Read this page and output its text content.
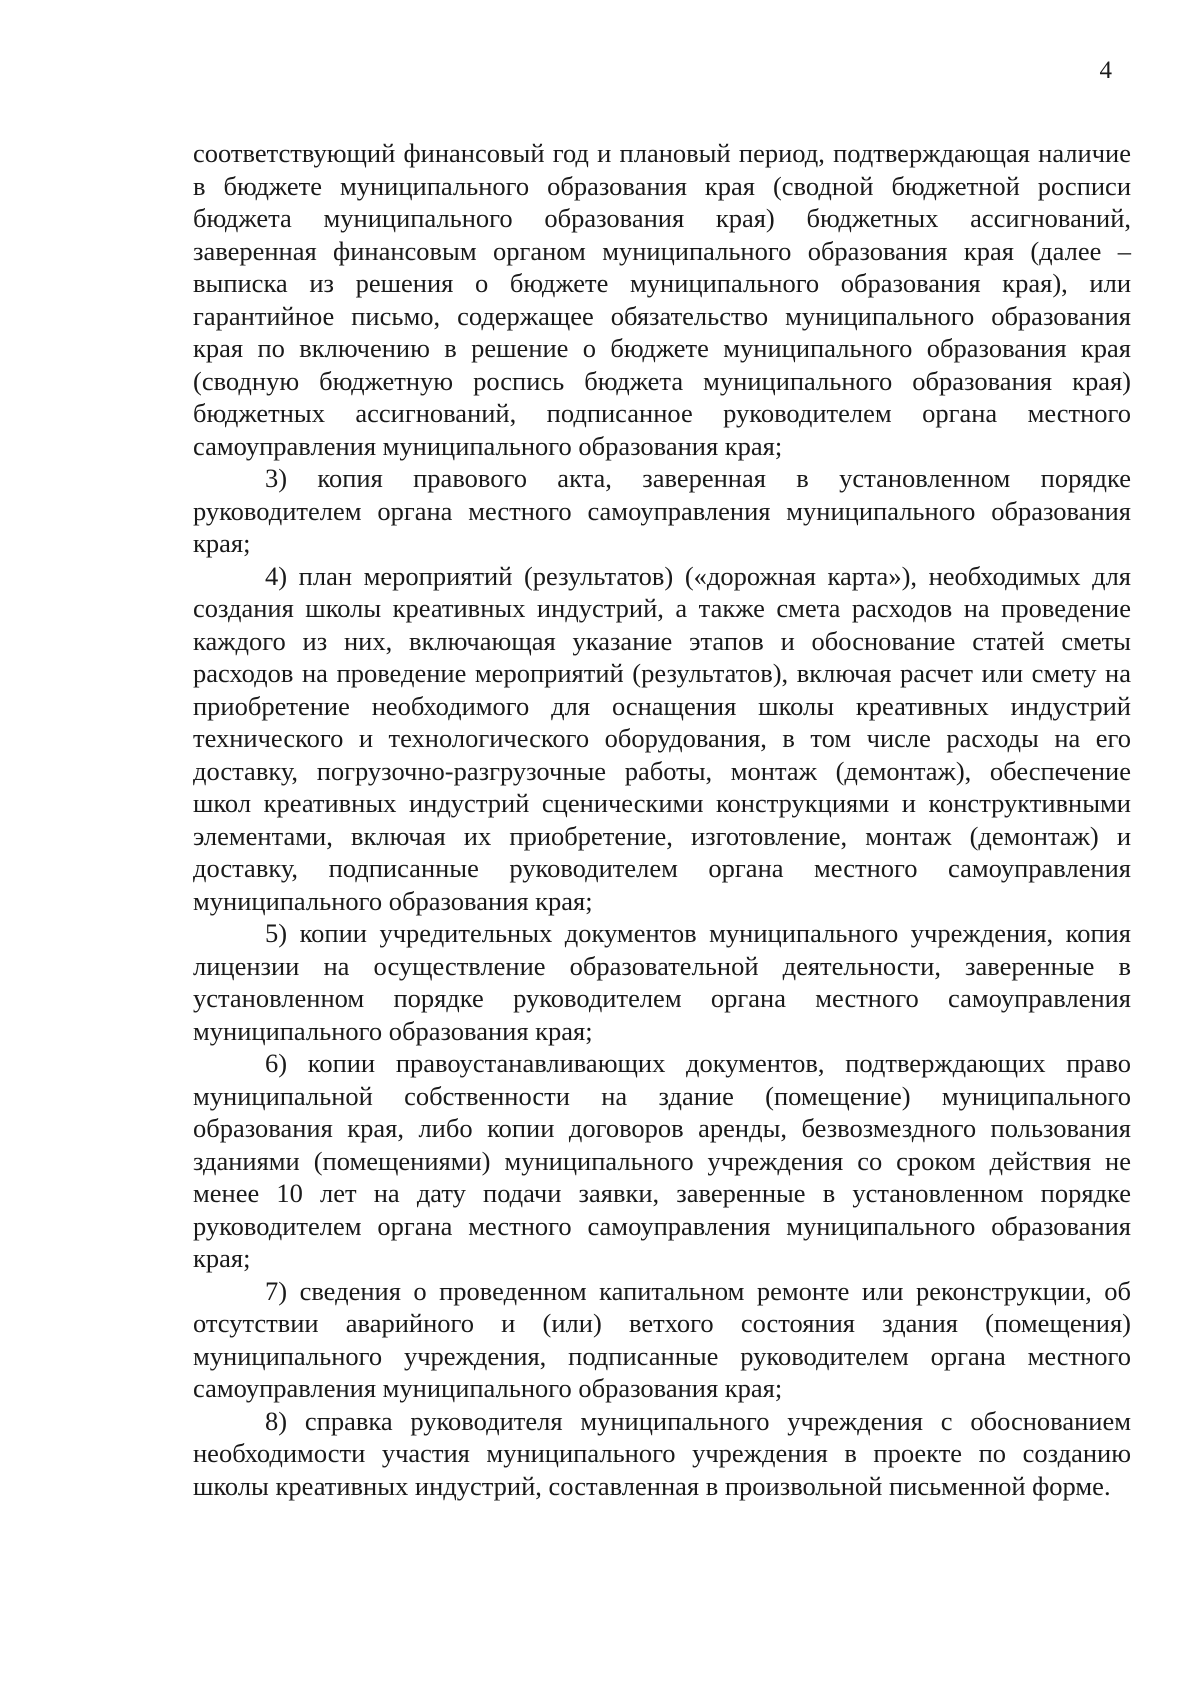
4

соответствующий финансовый год и плановый период, подтверждающая наличие в бюджете муниципального образования края (сводной бюджетной росписи бюджета муниципального образования края) бюджетных ассигнований, заверенная финансовым органом муниципального образования края (далее – выписка из решения о бюджете муниципального образования края), или гарантийное письмо, содержащее обязательство муниципального образования края по включению в решение о бюджете муниципального образования края (сводную бюджетную роспись бюджета муниципального образования края) бюджетных ассигнований, подписанное руководителем органа местного самоуправления муниципального образования края;

3) копия правового акта, заверенная в установленном порядке руководителем органа местного самоуправления муниципального образования края;

4) план мероприятий (результатов) («дорожная карта»), необходимых для создания школы креативных индустрий, а также смета расходов на проведение каждого из них, включающая указание этапов и обоснование статей сметы расходов на проведение мероприятий (результатов), включая расчет или смету на приобретение необходимого для оснащения школы креативных индустрий технического и технологического оборудования, в том числе расходы на его доставку, погрузочно-разгрузочные работы, монтаж (демонтаж), обеспечение школ креативных индустрий сценическими конструкциями и конструктивными элементами, включая их приобретение, изготовление, монтаж (демонтаж) и доставку, подписанные руководителем органа местного самоуправления муниципального образования края;

5) копии учредительных документов муниципального учреждения, копия лицензии на осуществление образовательной деятельности, заверенные в установленном порядке руководителем органа местного самоуправления муниципального образования края;

6) копии правоустанавливающих документов, подтверждающих право муниципальной собственности на здание (помещение) муниципального образования края, либо копии договоров аренды, безвозмездного пользования зданиями (помещениями) муниципального учреждения со сроком действия не менее 10 лет на дату подачи заявки, заверенные в установленном порядке руководителем органа местного самоуправления муниципального образования края;

7) сведения о проведенном капитальном ремонте или реконструкции, об отсутствии аварийного и (или) ветхого состояния здания (помещения) муниципального учреждения, подписанные руководителем органа местного самоуправления муниципального образования края;

8) справка руководителя муниципального учреждения с обоснованием необходимости участия муниципального учреждения в проекте по созданию школы креативных индустрий, составленная в произвольной письменной форме.
